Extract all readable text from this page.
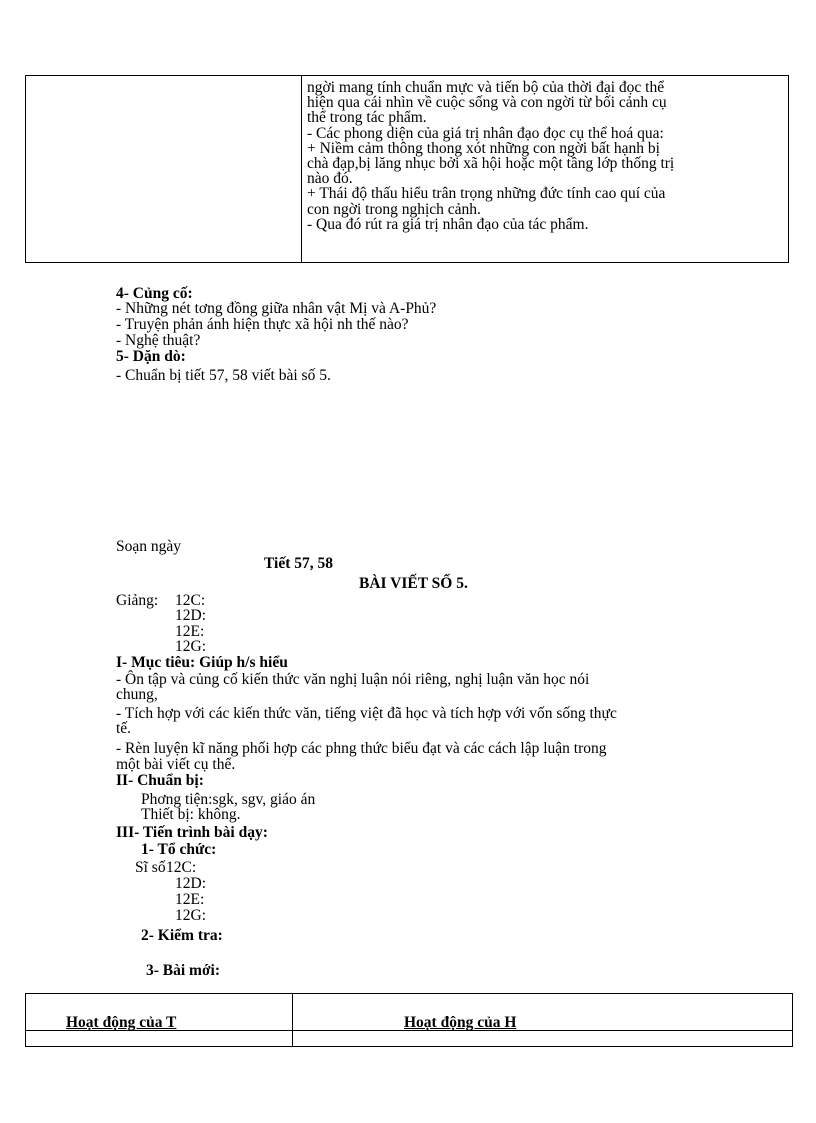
ngời mang tính chuẩn mực và tiến bộ của thời đại đọc thể
hiện qua cái nhìn về cuộc sống và con ngời từ bối cảnh cụ
thể trong tác phẩm.
- Các phong diện của giá trị nhân đạo đọc cụ thể hoá qua:
+ Niềm cảm thông thong xót những con ngời bất hạnh bị
chà đạp,bị lăng nhục bởi xã hội hoặc một tầng lớp thống trị
nào đó.
+ Thái độ thấu hiểu trân trọng những đức tính cao quí của
con ngời trong nghịch cảnh.
- Qua đó rút ra giá trị nhân đạo của tác phẩm.
4- Củng cố:
- Những nét tơng đồng giữa nhân vật Mị và A-Phủ?
- Truyện phản ánh hiện thực xã hội nh thế nào?
- Nghệ thuật?
5- Dặn dò:
- Chuẩn bị tiết 57, 58 viết bài số 5.
Soạn ngày
Tiết 57, 58
BÀI VIẾT SỐ 5.
Giảng: 12C:
12D:
12E:
12G:
I- Mục tiêu: Giúp h/s hiểu
- Ôn tập và củng cố kiến thức văn nghị luận nói riêng, nghị luận văn học nói
chung,
- Tích hợp với các kiến thức văn, tiếng việt đã học và tích hợp với vốn sống thực
tế.
- Rèn luyện kĩ năng phối hợp các phng thức biểu đạt và các cách lập luận trong
một bài viết cụ thể.
II- Chuẩn bị:
Phơng tiện:sgk, sgv, giáo án
Thiết bị: không.
III- Tiến trình bài dạy:
1- Tổ chức:
Sĩ số 12C:
12D:
12E:
12G:
2- Kiểm tra:
3- Bài mới:
Hoạt động của T	Hoạt động của H
